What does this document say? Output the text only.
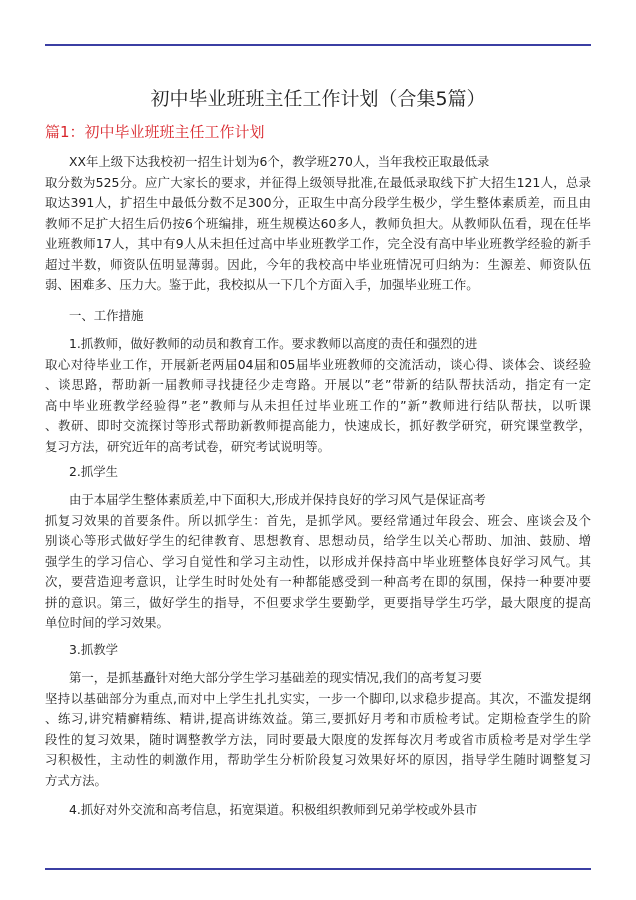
初中毕业班班主任工作计划（合集5篇）
篇1：初中毕业班班主任工作计划
XX年上级下达我校初一招生计划为6个，教学班270人，当年我校正取最低录
取分数为525分。应广大家长的要求，并征得上级领导批准,在最低录取线下扩大招生121人，总录
取达391人，扩招生中最低分数不足300分，正取生中高分段学生极少，学生整体素质差，而且由
教师不足扩大招生后仍按6个班编排，班生规模达60多人，教师负担大。从教师队伍看，现在任毕
业班教师17人，其中有9人从未担任过高中毕业班教学工作，完全没有高中毕业班教学经验的新手
超过半数，师资队伍明显薄弱。因此，今年的我校高中毕业班情况可归纳为：生源差、师资队伍
弱、困难多、压力大。鉴于此，我校拟从一下几个方面入手，加强毕业班工作。
一、工作措施
1.抓教师，做好教师的动员和教育工作。要求教师以高度的责任和强烈的进
取心对待毕业工作，开展新老两届04届和05届毕业班教师的交流活动，谈心得、谈体会、谈经验
、谈思路，帮助新一届教师寻找捷径少走弯路。开展以”老”带新的结队帮扶活动，指定有一定
高中毕业班教学经验得”老”教师与从未担任过毕业班工作的”新”教师进行结队帮扶，以听课
、教研、即时交流探讨等形式帮助新教师提高能力，快速成长，抓好教学研究，研究课堂教学，
复习方法，研究近年的高考试卷，研究考试说明等。
2.抓学生
由于本届学生整体素质差,中下面积大,形成并保持良好的学习风气是保证高考
抓复习效果的首要条件。所以抓学生：首先，是抓学风。要经常通过年段会、班会、座谈会及个
别谈心等形式做好学生的纪律教育、思想教育、思想动员，给学生以关心帮助、加油、鼓励、增
强学生的学习信心、学习自觉性和学习主动性，以形成并保持高中毕业班整体良好学习风气。其
次，要营造迎考意识，让学生时时处处有一种都能感受到一种高考在即的氛围，保持一种要冲要
拼的意识。第三，做好学生的指导，不但要求学生要勤学，更要指导学生巧学，最大限度的提高
单位时间的学习效果。
3.抓教学
第一，是抓基矗针对绝大部分学生学习基础差的现实情况,我们的高考复习要
坚持以基础部分为重点,而对中上学生扎扎实实，一步一个脚印,以求稳步提高。其次，不滥发提纲
、练习,讲究精癣精练、精讲,提高讲练效益。第三,要抓好月考和市质检考试。定期检查学生的阶
段性的复习效果，随时调整教学方法，同时要最大限度的发挥每次月考或省市质检考是对学生学
习积极性，主动性的刺激作用，帮助学生分析阶段复习效果好坏的原因，指导学生随时调整复习
方式方法。
4.抓好对外交流和高考信息，拓宽渠道。积极组织教师到兄弟学校或外县市
